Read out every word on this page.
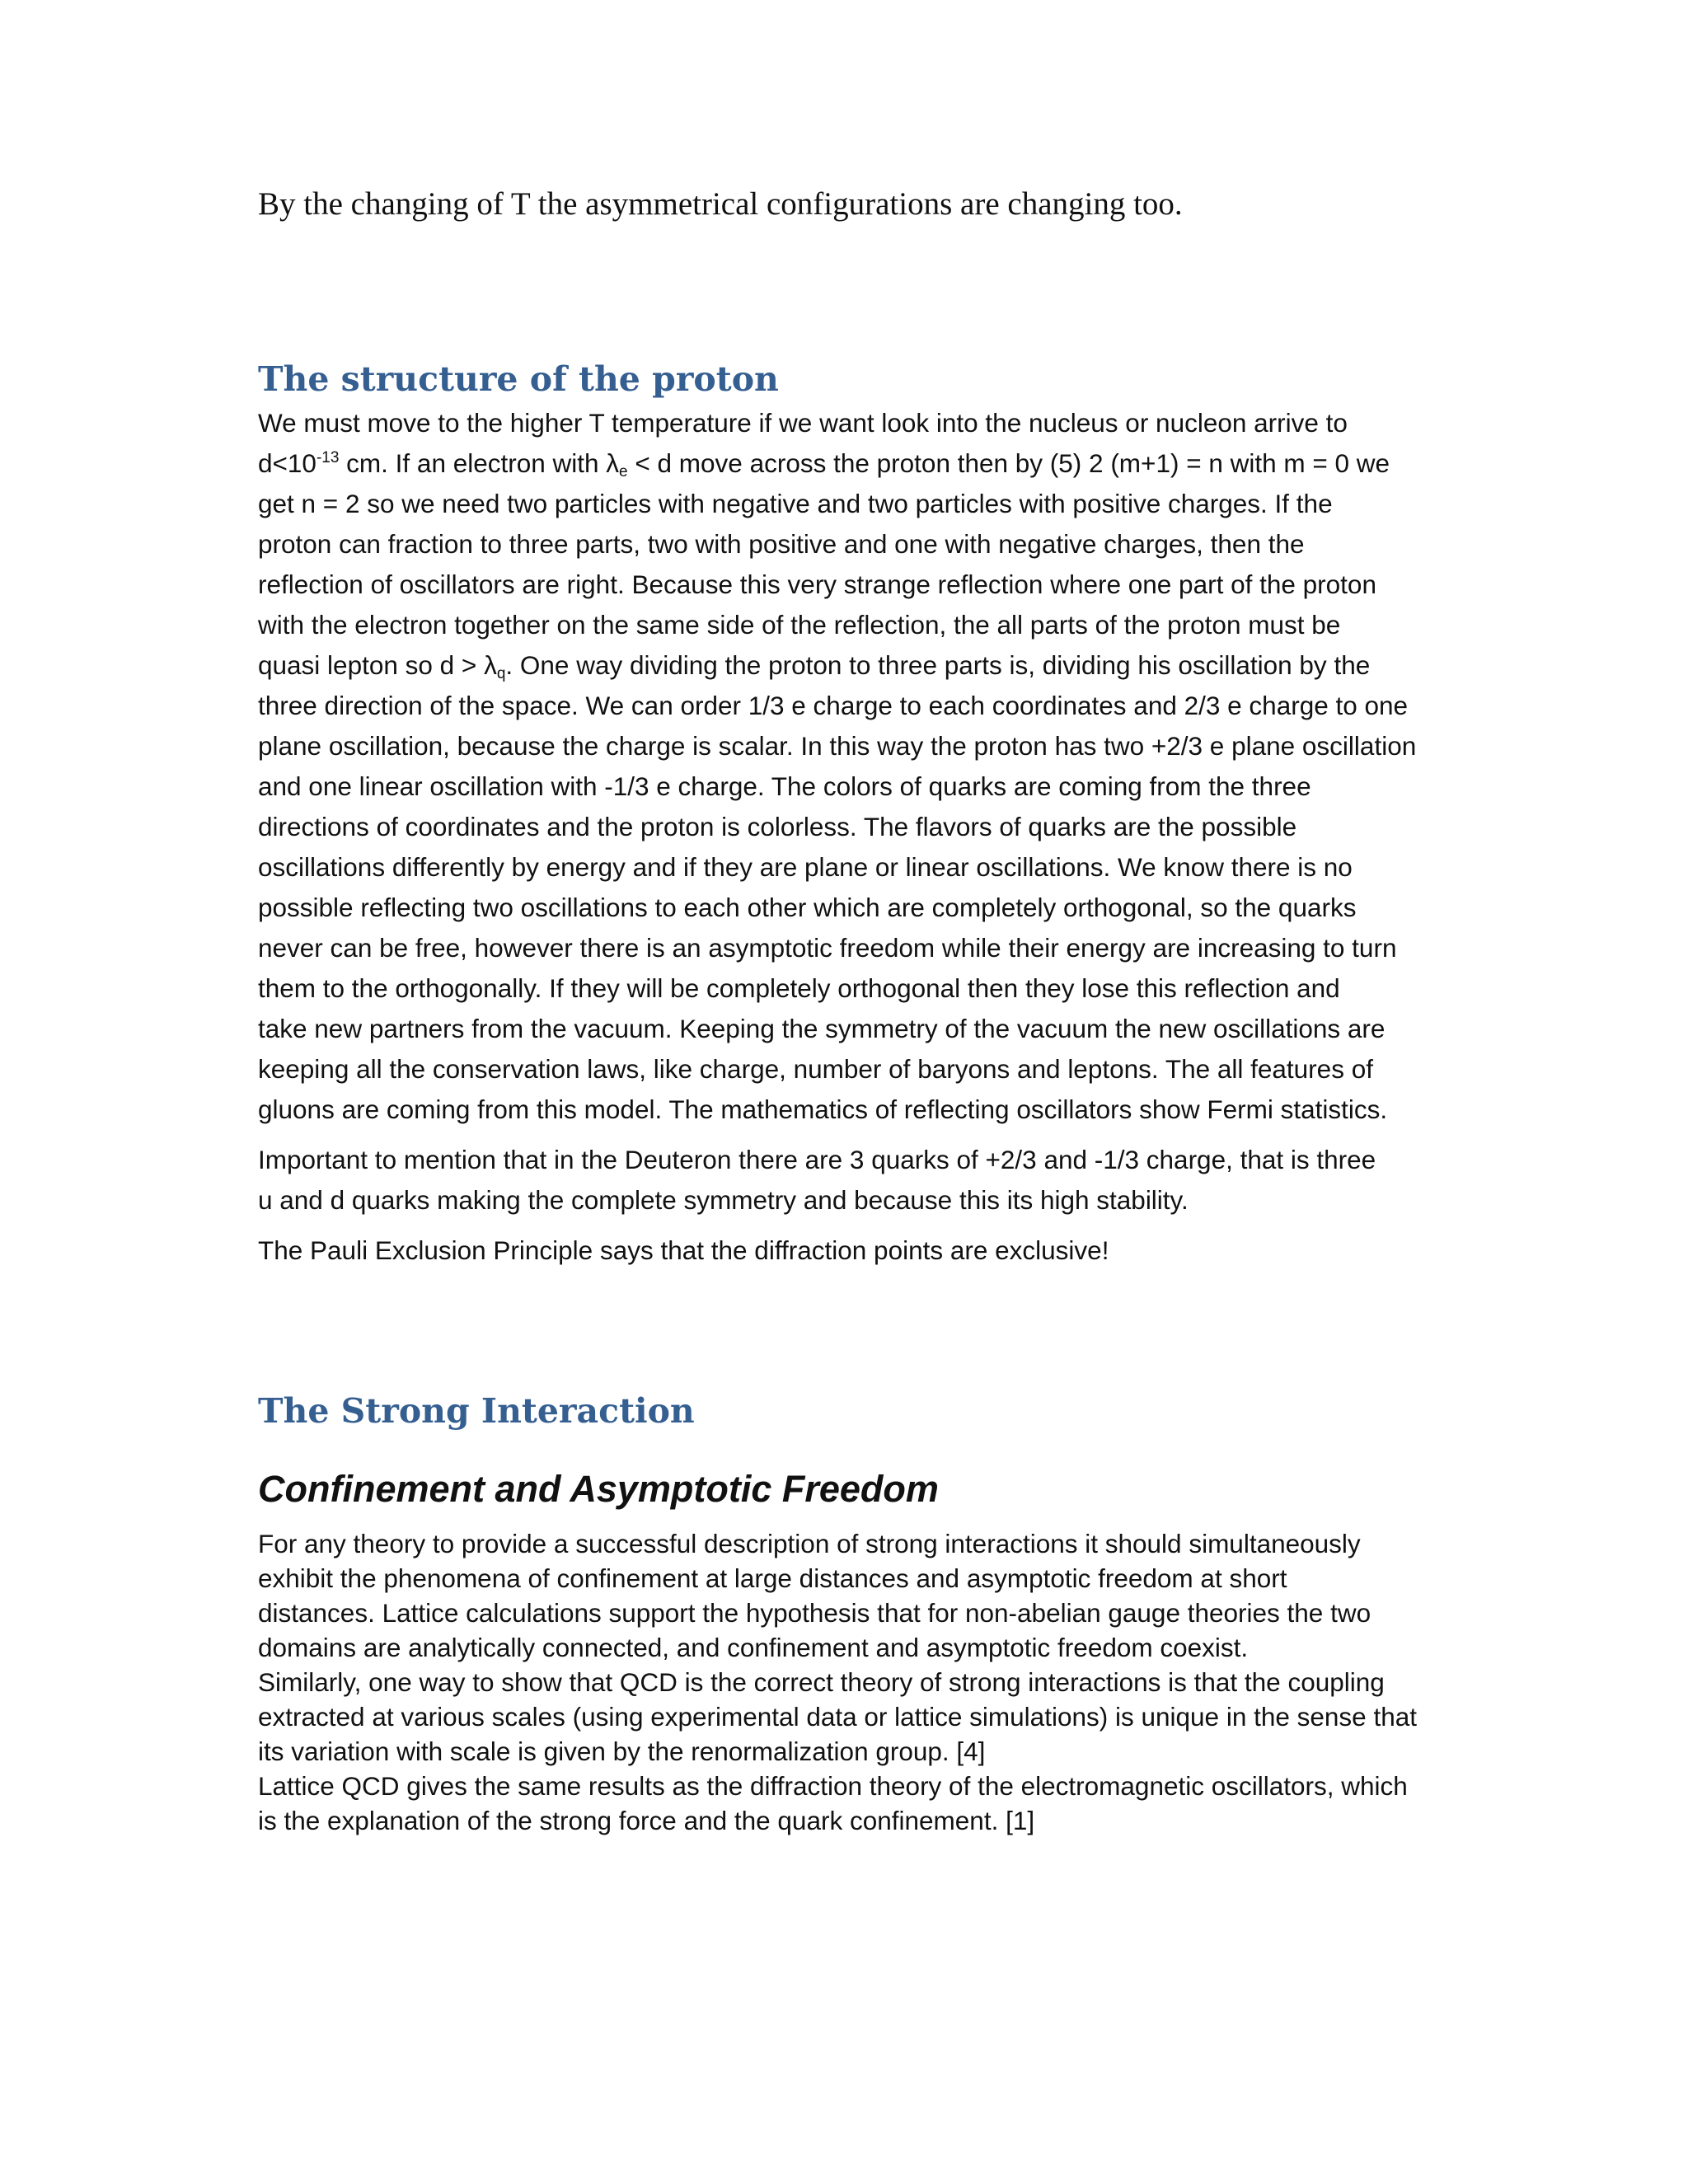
By the changing of T the asymmetrical configurations are changing too.
The structure of the proton
We must move to the higher T temperature if we want look into the nucleus or nucleon arrive to
$d<10^{-13}$ cm. If an electron with $\lambda_e < d$ move across the proton then by (5) 2 (m+1) = n with m = 0 we
get n = 2 so we need two particles with negative and two particles with positive charges. If the
proton can fraction to three parts, two with positive and one with negative charges, then the
reflection of oscillators are right. Because this very strange reflection where one part of the proton
with the electron together on the same side of the reflection, the all parts of the proton must be
quasi lepton so $d > \lambda_q$. One way dividing the proton to three parts is, dividing his oscillation by the
three direction of the space. We can order 1/3 e charge to each coordinates and 2/3 e charge to one
plane oscillation, because the charge is scalar. In this way the proton has two +2/3 e plane oscillation
and one linear oscillation with -1/3 e charge. The colors of quarks are coming from the three
directions of coordinates and the proton is colorless. The flavors of quarks are the possible
oscillations differently by energy and if they are plane or linear oscillations. We know there is no
possible reflecting two oscillations to each other which are completely orthogonal, so the quarks
never can be free, however there is an asymptotic freedom while their energy are increasing to turn
them to the orthogonally. If they will be completely orthogonal then they lose this reflection and
take new partners from the vacuum. Keeping the symmetry of the vacuum the new oscillations are
keeping all the conservation laws, like charge, number of baryons and leptons. The all features of
gluons are coming from this model. The mathematics of reflecting oscillators show Fermi statistics.
Important to mention that in the Deuteron there are 3 quarks of +2/3 and -1/3 charge, that is three
u and d quarks making the complete symmetry and because this its high stability.
The Pauli Exclusion Principle says that the diffraction points are exclusive!
The Strong Interaction
Confinement and Asymptotic Freedom
For any theory to provide a successful description of strong interactions it should simultaneously
exhibit the phenomena of confinement at large distances and asymptotic freedom at short
distances. Lattice calculations support the hypothesis that for non-abelian gauge theories the two
domains are analytically connected, and confinement and asymptotic freedom coexist.
Similarly, one way to show that QCD is the correct theory of strong interactions is that the coupling
extracted at various scales (using experimental data or lattice simulations) is unique in the sense that
its variation with scale is given by the renormalization group. [4]
Lattice QCD gives the same results as the diffraction theory of the electromagnetic oscillators, which
is the explanation of the strong force and the quark confinement. [1]
